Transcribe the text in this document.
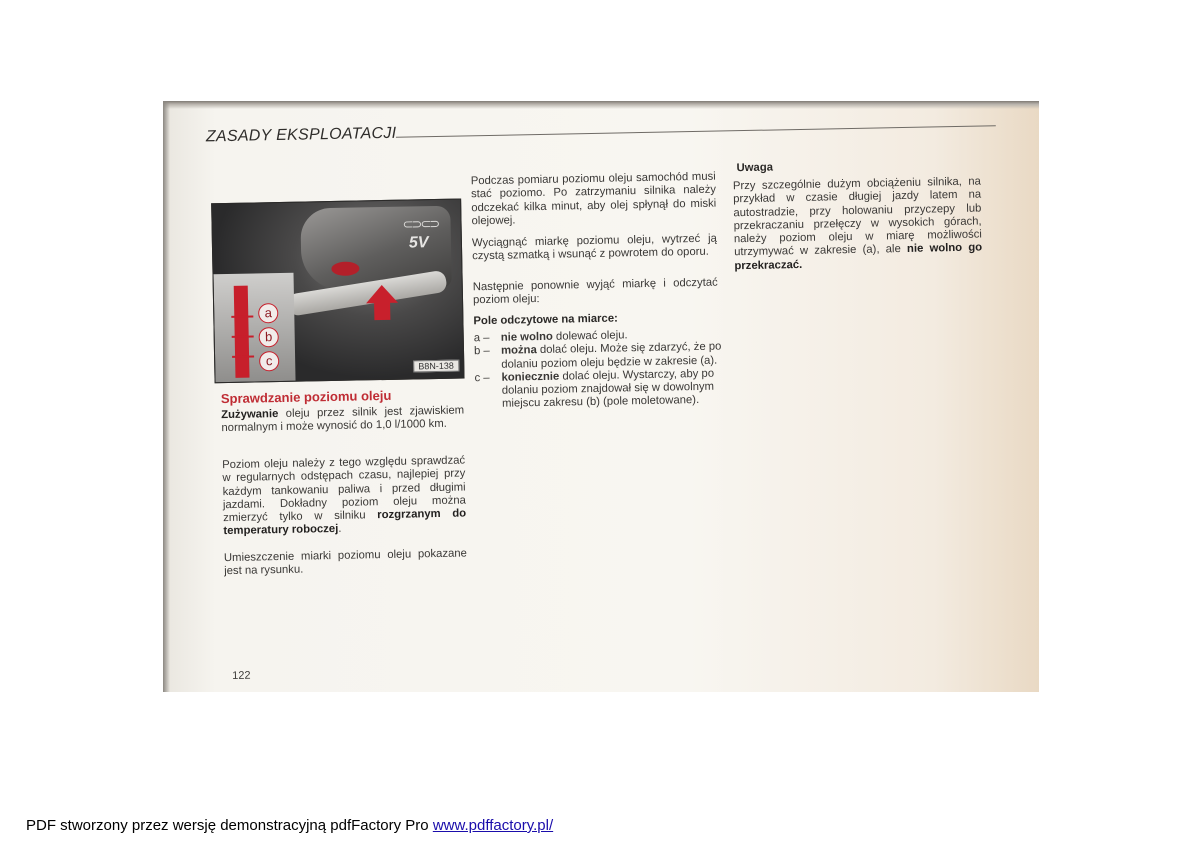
ZASADY EKSPLOATACJI
⊂⊃⊂⊃
5V
a
b
c	B8N-138
Sprawdzanie poziomu oleju
Zużywanie oleju przez silnik jest zjawiskiem normalnym i może wynosić do 1,0 l/1000 km.
Poziom oleju należy z tego względu sprawdzać w regularnych odstępach czasu, najlepiej przy każdym tankowaniu paliwa i przed długimi jazdami. Dokładny poziom oleju można zmierzyć tylko w silniku rozgrzanym do temperatury roboczej.
Umieszczenie miarki poziomu oleju pokazane jest na rysunku.
Podczas pomiaru poziomu oleju samochód musi stać poziomo. Po zatrzymaniu silnika należy odczekać kilka minut, aby olej spłynął do miski olejowej.
Wyciągnąć miarkę poziomu oleju, wytrzeć ją czystą szmatką i wsunąć z powrotem do oporu.
Następnie ponownie wyjąć miarkę i odczytać poziom oleju:
Pole odczytowe na miarce:
a – nie wolno dolewać oleju.
b – można dolać oleju. Może się zdarzyć, że po dolaniu poziom oleju będzie w zakresie (a).
c – koniecznie dolać oleju. Wystarczy, aby po dolaniu poziom znajdował się w dowolnym miejscu zakresu (b) (pole moletowane).
Uwaga
Przy szczególnie dużym obciążeniu silnika, na przykład w czasie długiej jazdy latem na autostradzie, przy holowaniu przyczepy lub przekraczaniu przełęczy w wysokich górach, należy poziom oleju w miarę możliwości utrzymywać w zakresie (a), ale nie wolno go przekraczać.
122
PDF stworzony przez wersję demonstracyjną pdfFactory Pro www.pdffactory.pl/
